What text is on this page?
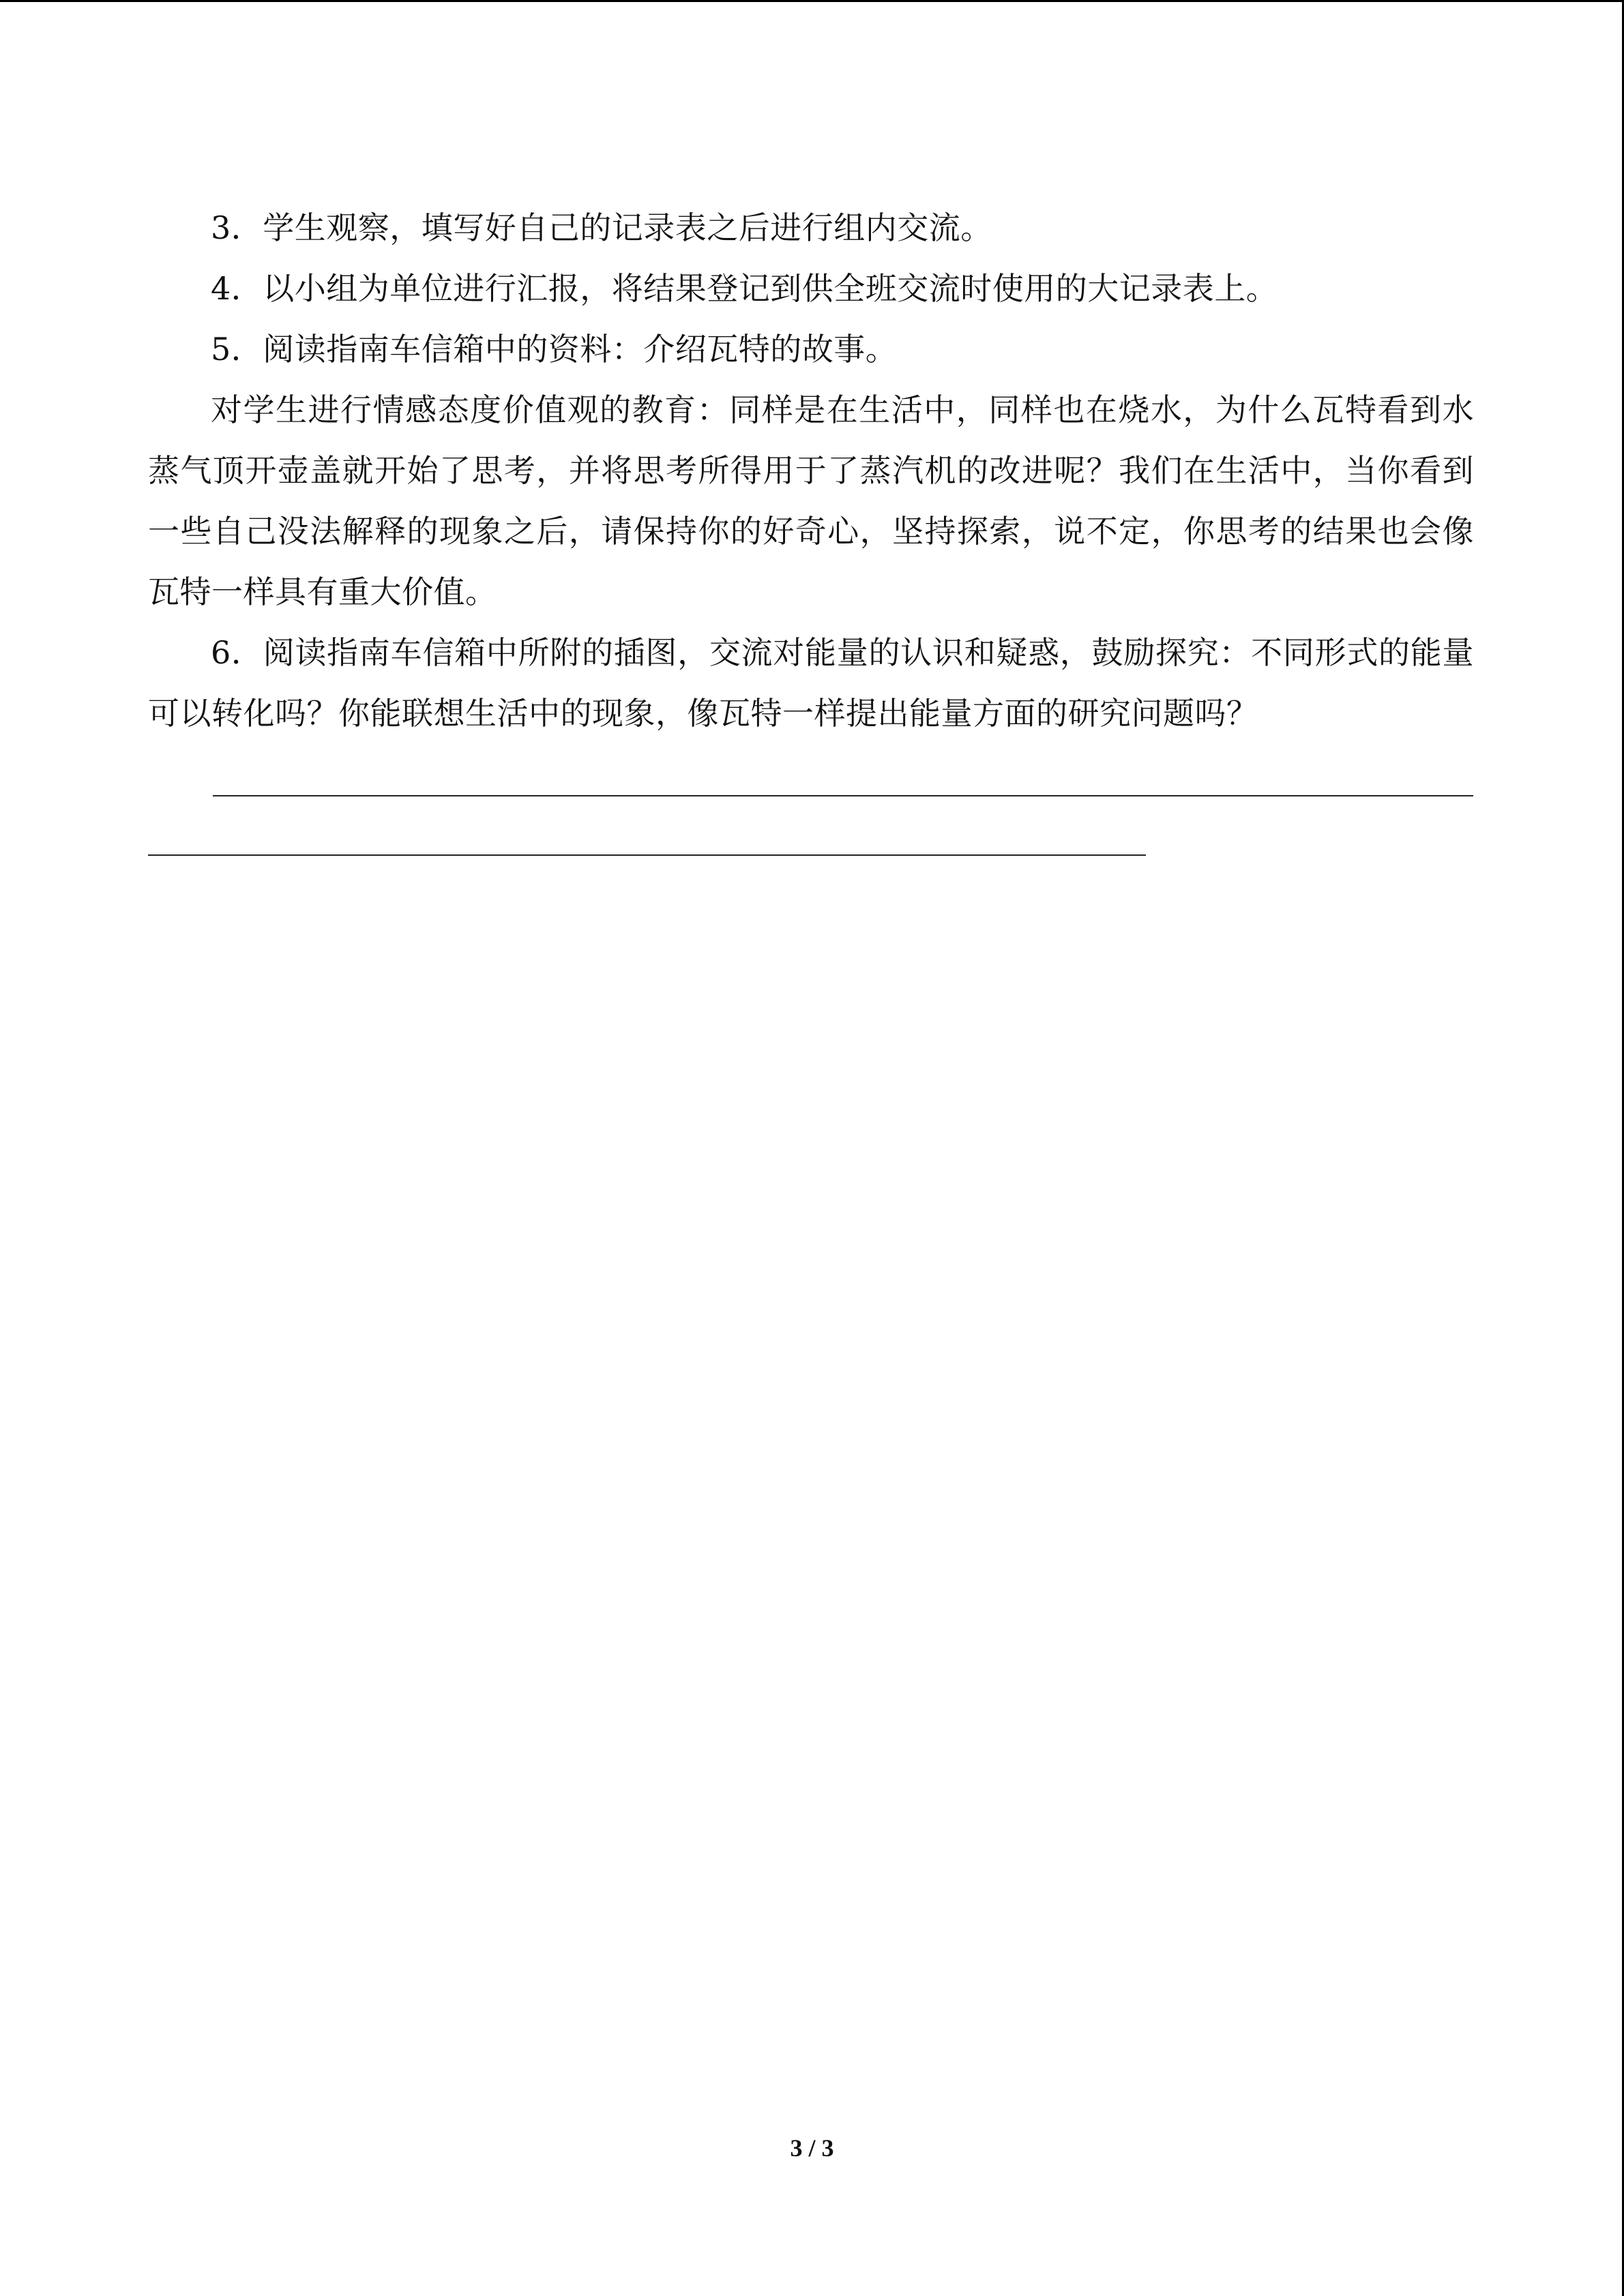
3．学生观察，填写好自己的记录表之后进行组内交流。

4．以小组为单位进行汇报，将结果登记到供全班交流时使用的大记录表上。

5．阅读指南车信箱中的资料：介绍瓦特的故事。

对学生进行情感态度价值观的教育：同样是在生活中，同样也在烧水，为什么瓦特看到水蒸气顶开壶盖就开始了思考，并将思考所得用于了蒸汽机的改进呢？我们在生活中，当你看到一些自己没法解释的现象之后，请保持你的好奇心，坚持探索，说不定，你思考的结果也会像瓦特一样具有重大价值。

6．阅读指南车信箱中所附的插图，交流对能量的认识和疑惑，鼓励探究：不同形式的能量可以转化吗？你能联想生活中的现象，像瓦特一样提出能量方面的研究问题吗？

3 / 3
